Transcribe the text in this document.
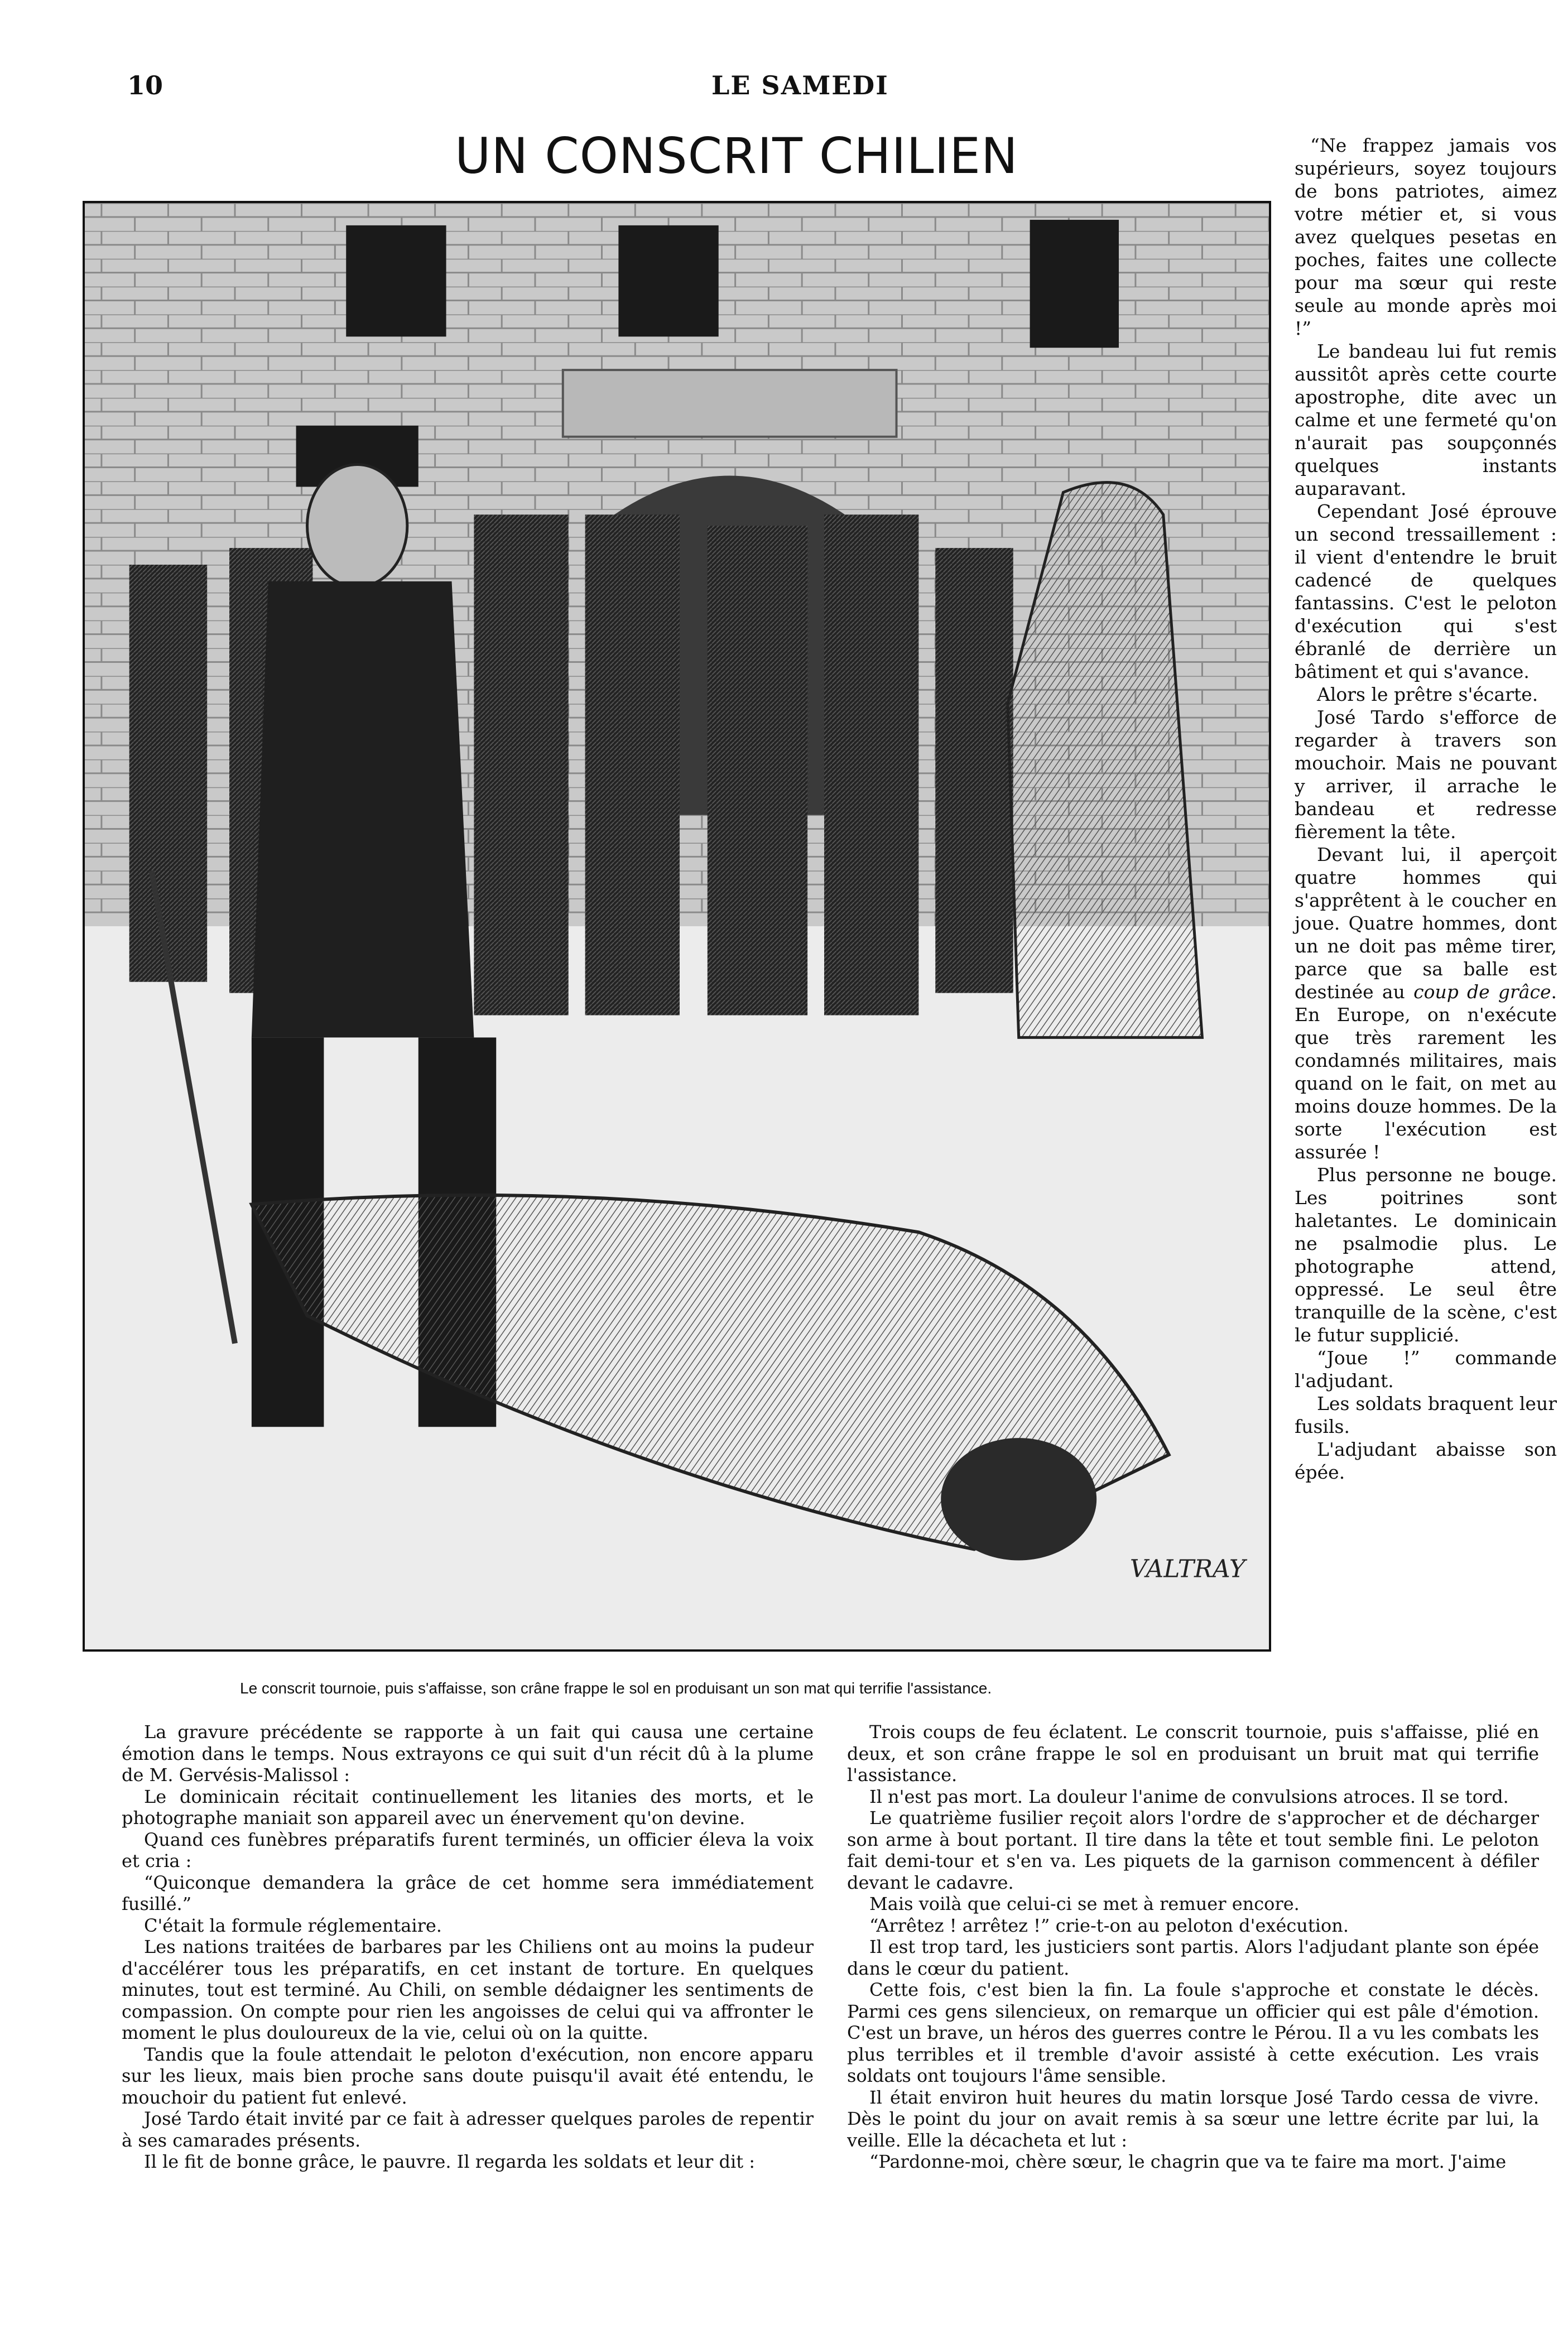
10	LE SAMEDI
UN CONSCRIT CHILIEN
VALTRAY

Le conscrit tournoie, puis s'affaisse, son crâne frappe le sol en produisant un son mat qui terrifie l'assistance.

“Ne frappez jamais vos supérieurs, soyez toujours de bons patriotes, aimez votre métier et, si vous avez quelques pesetas en poches, faites une collecte pour ma sœur qui reste seule au monde après moi !”

Le bandeau lui fut remis aussitôt après cette courte apostrophe, dite avec un calme et une fermeté qu'on n'aurait pas soupçonnés quelques instants auparavant.

Cependant José éprouve un second tressaillement : il vient d'entendre le bruit cadencé de quelques fantassins. C'est le peloton d'exécution qui s'est ébranlé de derrière un bâtiment et qui s'avance.

Alors le prêtre s'écarte.

José Tardo s'efforce de regarder à travers son mouchoir. Mais ne pouvant y arriver, il arrache le bandeau et redresse fièrement la tête.

Devant lui, il aperçoit quatre hommes qui s'apprêtent à le coucher en joue. Quatre hommes, dont un ne doit pas même tirer, parce que sa balle est destinée au coup de grâce. En Europe, on n'exécute que très rarement les condamnés militaires, mais quand on le fait, on met au moins douze hommes. De la sorte l'exécution est assurée !

Plus personne ne bouge. Les poitrines sont haletantes. Le dominicain ne psalmodie plus. Le photographe attend, oppressé. Le seul être tranquille de la scène, c'est le futur supplicié.

“Joue !” commande l'adjudant.

Les soldats braquent leur fusils.

L'adjudant abaisse son épée.

La gravure précédente se rapporte à un fait qui causa une certaine émotion dans le temps. Nous extrayons ce qui suit d'un récit dû à la plume de M. Gervésis-Malissol :

Le dominicain récitait continuellement les litanies des morts, et le photographe maniait son appareil avec un énervement qu'on devine.

Quand ces funèbres préparatifs furent terminés, un officier éleva la voix et cria :

“Quiconque demandera la grâce de cet homme sera immédiatement fusillé.”

C'était la formule réglementaire.

Les nations traitées de barbares par les Chiliens ont au moins la pudeur d'accélérer tous les préparatifs, en cet instant de torture. En quelques minutes, tout est terminé. Au Chili, on semble dédaigner les sentiments de compassion. On compte pour rien les angoisses de celui qui va affronter le moment le plus douloureux de la vie, celui où on la quitte.

Tandis que la foule attendait le peloton d'exécution, non encore apparu sur les lieux, mais bien proche sans doute puisqu'il avait été entendu, le mouchoir du patient fut enlevé.

José Tardo était invité par ce fait à adresser quelques paroles de repentir à ses camarades présents.

Il le fit de bonne grâce, le pauvre. Il regarda les soldats et leur dit :

Trois coups de feu éclatent. Le conscrit tournoie, puis s'affaisse, plié en deux, et son crâne frappe le sol en produisant un bruit mat qui terrifie l'assistance.

Il n'est pas mort. La douleur l'anime de convulsions atroces. Il se tord.

Le quatrième fusilier reçoit alors l'ordre de s'approcher et de décharger son arme à bout portant. Il tire dans la tête et tout semble fini. Le peloton fait demi-tour et s'en va. Les piquets de la garnison commencent à défiler devant le cadavre.

Mais voilà que celui-ci se met à remuer encore.

“Arrêtez ! arrêtez !” crie-t-on au peloton d'exécution.

Il est trop tard, les justiciers sont partis. Alors l'adjudant plante son épée dans le cœur du patient.

Cette fois, c'est bien la fin. La foule s'approche et constate le décès. Parmi ces gens silencieux, on remarque un officier qui est pâle d'émotion. C'est un brave, un héros des guerres contre le Pérou. Il a vu les combats les plus terribles et il tremble d'avoir assisté à cette exécution. Les vrais soldats ont toujours l'âme sensible.

Il était environ huit heures du matin lorsque José Tardo cessa de vivre. Dès le point du jour on avait remis à sa sœur une lettre écrite par lui, la veille. Elle la décacheta et lut :

“Pardonne-moi, chère sœur, le chagrin que va te faire ma mort. J'aime
